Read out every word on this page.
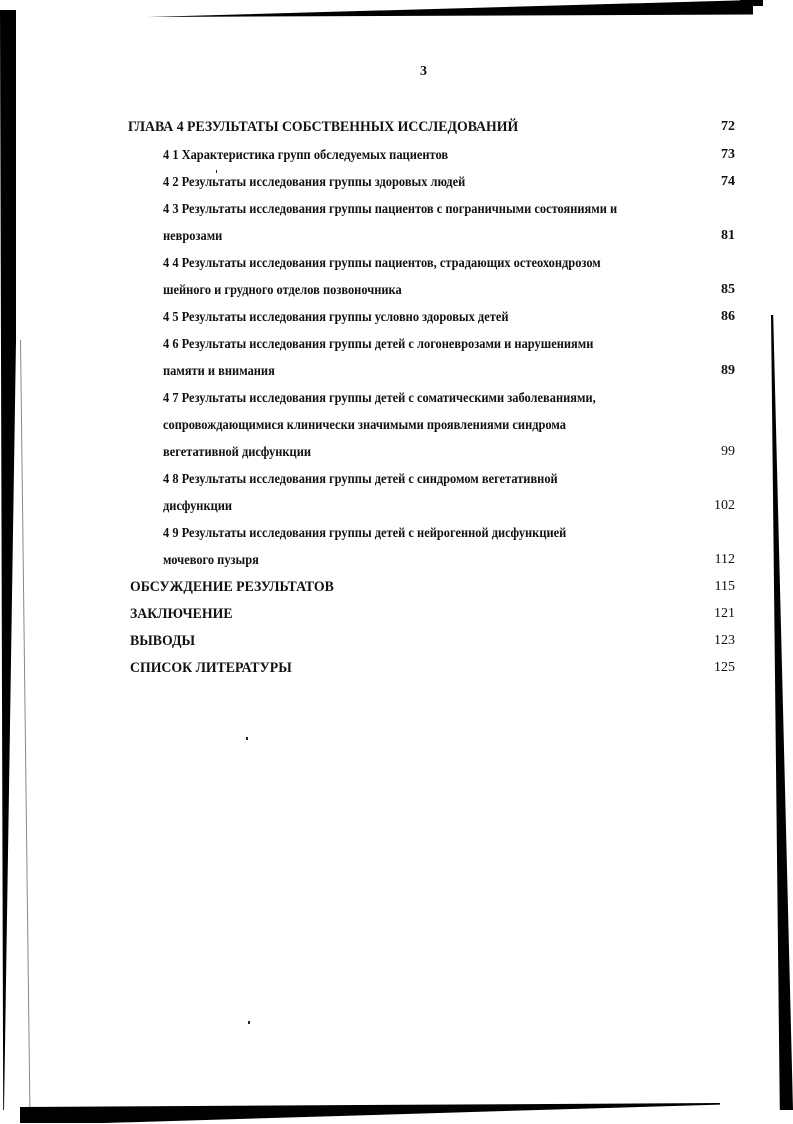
3
ГЛАВА 4 РЕЗУЛЬТАТЫ СОБСТВЕННЫХ ИССЛЕДОВАНИЙ	72
4 1 Характеристика групп обследуемых пациентов	73
4 2 Результаты исследования группы здоровых людей	74
4 3 Результаты исследования группы пациентов с пограничными состояниями и
неврозами	81
4 4 Результаты исследования группы пациентов, страдающих остеохондрозом
шейного и грудного отделов позвоночника	85
4 5 Результаты исследования группы условно здоровых детей	86
4 6 Результаты исследования группы детей с логоневрозами и нарушениями
памяти и внимания	89
4 7 Результаты исследования группы детей с соматическими заболеваниями,
сопровождающимися клинически значимыми проявлениями синдрома
вегетативной дисфункции	99
4 8 Результаты исследования группы детей с синдромом вегетативной
дисфункции	102
4 9 Результаты исследования группы детей с нейрогенной дисфункцией
мочевого пузыря	112
ОБСУЖДЕНИЕ РЕЗУЛЬТАТОВ	115
ЗАКЛЮЧЕНИЕ	121
ВЫВОДЫ	123
СПИСОК ЛИТЕРАТУРЫ	125
